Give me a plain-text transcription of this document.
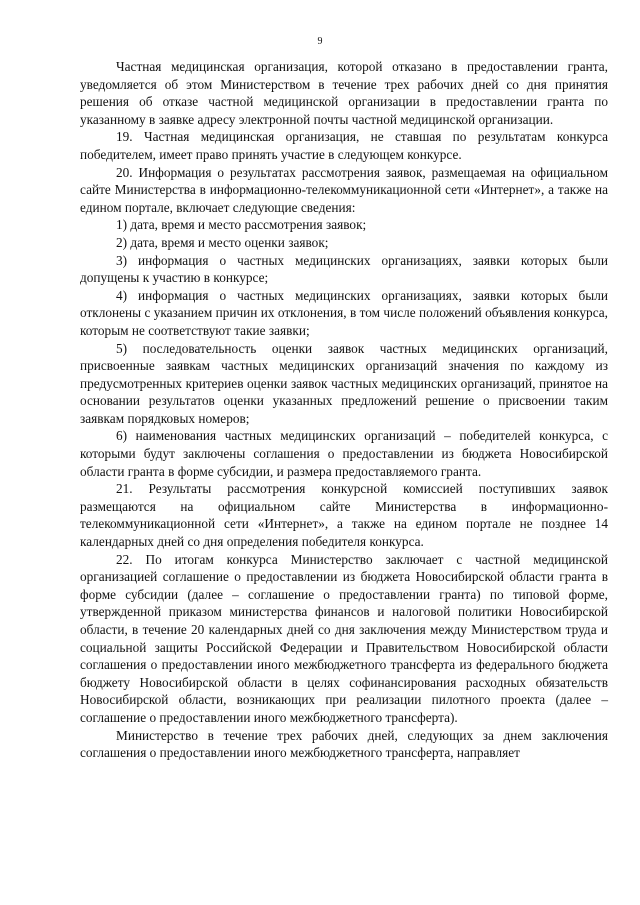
9

Частная медицинская организация, которой отказано в предоставлении гранта, уведомляется об этом Министерством в течение трех рабочих дней со дня принятия решения об отказе частной медицинской организации в предоставлении гранта по указанному в заявке адресу электронной почты частной медицинской организации.

19. Частная медицинская организация, не ставшая по результатам конкурса победителем, имеет право принять участие в следующем конкурсе.

20. Информация о результатах рассмотрения заявок, размещаемая на официальном сайте Министерства в информационно-телекоммуникационной сети «Интернет», а также на едином портале, включает следующие сведения:

1) дата, время и место рассмотрения заявок;

2) дата, время и место оценки заявок;

3) информация о частных медицинских организациях, заявки которых были допущены к участию в конкурсе;

4) информация о частных медицинских организациях, заявки которых были отклонены с указанием причин их отклонения, в том числе положений объявления конкурса, которым не соответствуют такие заявки;

5) последовательность оценки заявок частных медицинских организаций, присвоенные заявкам частных медицинских организаций значения по каждому из предусмотренных критериев оценки заявок частных медицинских организаций, принятое на основании результатов оценки указанных предложений решение о присвоении таким заявкам порядковых номеров;

6) наименования частных медицинских организаций – победителей конкурса, с которыми будут заключены соглашения о предоставлении из бюджета Новосибирской области гранта в форме субсидии, и размера предоставляемого гранта.

21. Результаты рассмотрения конкурсной комиссией поступивших заявок размещаются на официальном сайте Министерства в информационно-телекоммуникационной сети «Интернет», а также на едином портале не позднее 14 календарных дней со дня определения победителя конкурса.

22. По итогам конкурса Министерство заключает с частной медицинской организацией соглашение о предоставлении из бюджета Новосибирской области гранта в форме субсидии (далее – соглашение о предоставлении гранта) по типовой форме, утвержденной приказом министерства финансов и налоговой политики Новосибирской области, в течение 20 календарных дней со дня заключения между Министерством труда и социальной защиты Российской Федерации и Правительством Новосибирской области соглашения о предоставлении иного межбюджетного трансферта из федерального бюджета бюджету Новосибирской области в целях софинансирования расходных обязательств Новосибирской области, возникающих при реализации пилотного проекта (далее – соглашение о предоставлении иного межбюджетного трансферта).

Министерство в течение трех рабочих дней, следующих за днем заключения соглашения о предоставлении иного межбюджетного трансферта, направляет
